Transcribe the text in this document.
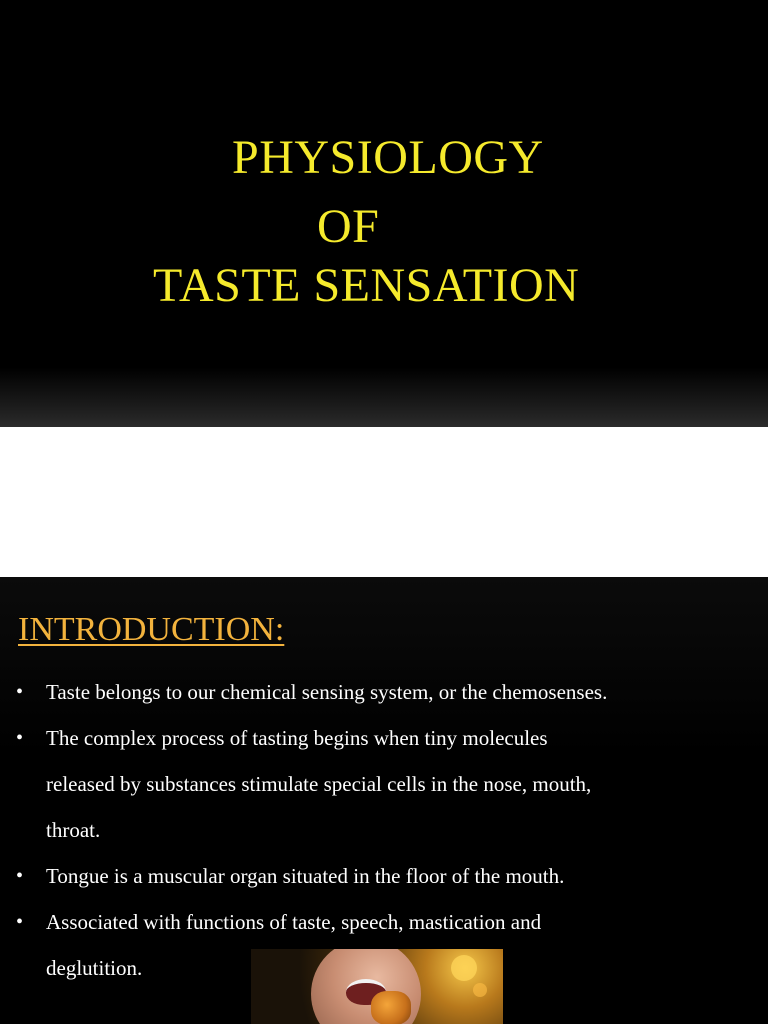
PHYSIOLOGY
OF
TASTE SENSATION
INTRODUCTION:
• Taste belongs to our chemical sensing system, or the chemosenses.
• The complex process of tasting begins when tiny molecules
released by substances stimulate special cells in the nose, mouth,
throat.
• Tongue is a muscular organ situated in the floor of the mouth.
• Associated with functions of taste, speech, mastication and
deglutition.
